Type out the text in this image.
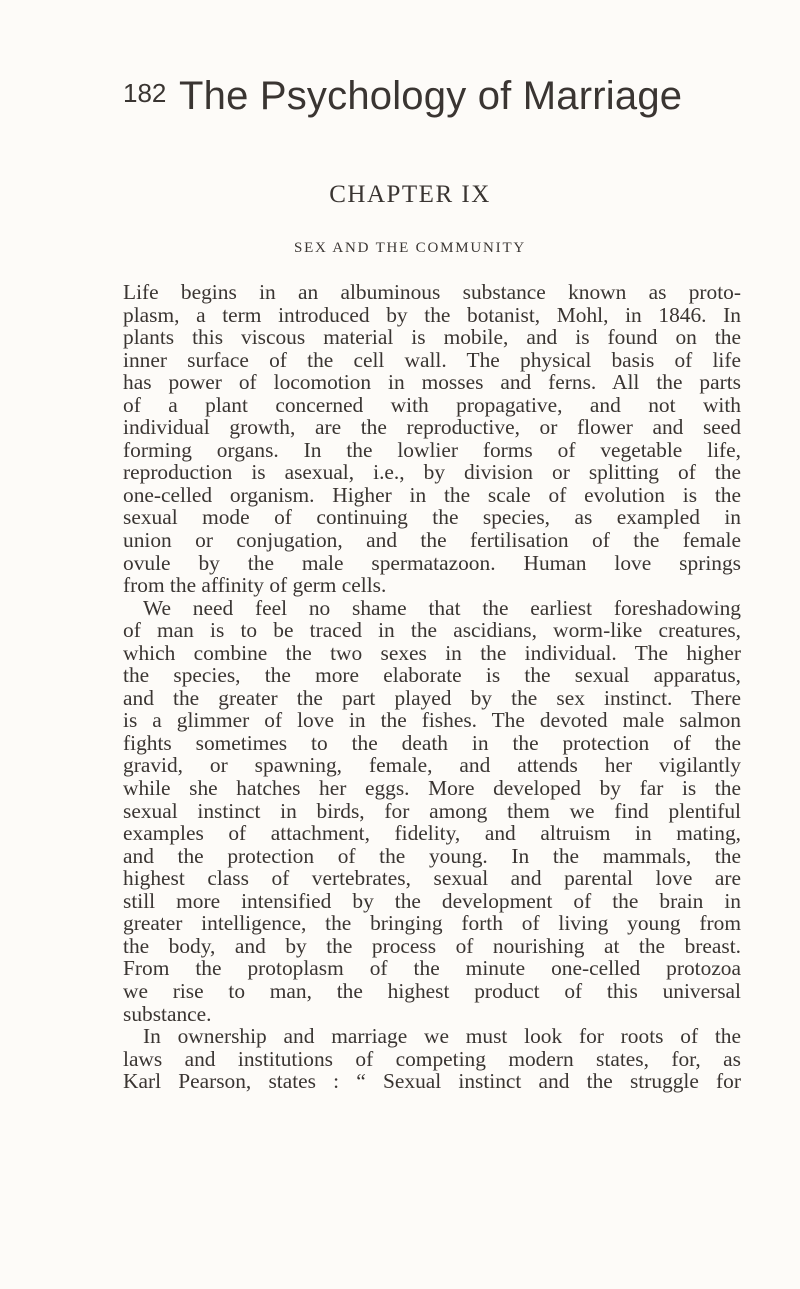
182 The Psychology of Marriage
CHAPTER IX
SEX AND THE COMMUNITY
Life begins in an albuminous substance known as proto-
plasm, a term introduced by the botanist, Mohl, in 1846. In
plants this viscous material is mobile, and is found on the
inner surface of the cell wall. The physical basis of life
has power of locomotion in mosses and ferns. All the parts
of a plant concerned with propagative, and not with
individual growth, are the reproductive, or flower and seed
forming organs. In the lowlier forms of vegetable life,
reproduction is asexual, i.e., by division or splitting of the
one-celled organism. Higher in the scale of evolution is the
sexual mode of continuing the species, as exampled in
union or conjugation, and the fertilisation of the female
ovule by the male spermatazoon. Human love springs
from the affinity of germ cells.
We need feel no shame that the earliest foreshadowing
of man is to be traced in the ascidians, worm-like creatures,
which combine the two sexes in the individual. The higher
the species, the more elaborate is the sexual apparatus,
and the greater the part played by the sex instinct. There
is a glimmer of love in the fishes. The devoted male salmon
fights sometimes to the death in the protection of the
gravid, or spawning, female, and attends her vigilantly
while she hatches her eggs. More developed by far is the
sexual instinct in birds, for among them we find plentiful
examples of attachment, fidelity, and altruism in mating,
and the protection of the young. In the mammals, the
highest class of vertebrates, sexual and parental love are
still more intensified by the development of the brain in
greater intelligence, the bringing forth of living young from
the body, and by the process of nourishing at the breast.
From the protoplasm of the minute one-celled protozoa
we rise to man, the highest product of this universal
substance.
In ownership and marriage we must look for roots of the
laws and institutions of competing modern states, for, as
Karl Pearson, states : “ Sexual instinct and the struggle for
